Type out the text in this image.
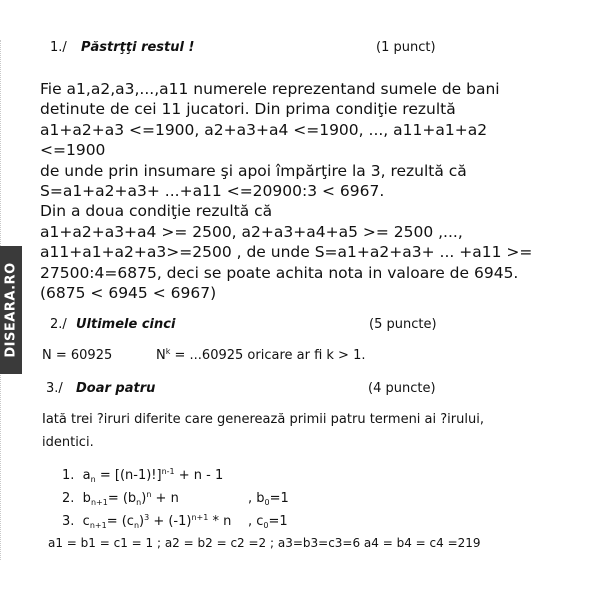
DISEARA.RO
1./ Păstrţţi restul !	(1 punct)
Fie a1,a2,a3,...,a11 numerele reprezentand sumele de bani
detinute de cei 11 jucatori. Din prima condiţie rezultă
a1+a2+a3 <=1900, a2+a3+a4 <=1900, ..., a11+a1+a2
<=1900
de unde prin insumare şi apoi împărţire la 3, rezultă că
S=a1+a2+a3+ ...+a11 <=20900:3 < 6967.
Din a doua condiţie rezultă că
a1+a2+a3+a4 >= 2500, a2+a3+a4+a5 >= 2500 ,...,
a11+a1+a2+a3>=2500 , de unde S=a1+a2+a3+ ... +a11 >=
27500:4=6875, deci se poate achita nota in valoare de 6945.
(6875 < 6945 < 6967)
2./ Ultimele cinci	(5 puncte)
N = 60925	$N^k = ...60925$ oricare ar fi k > 1.
3./ Doar patru	(4 puncte)
Iată trei ?iruri diferite care generează primii patru termeni ai ?irului,
identici.
1. $a_n = [(n-1)!]^{n-1} + n - 1$
2. $b_{n+1}= (b_n)^n + n$	, $b_0=1$
3. $c_{n+1}= (c_n)^3 + (-1)^{n+1} * n$ , $c_0=1$
a1 = b1 = c1 = 1 ; a2 = b2 = c2 =2 ; a3=b3=c3=6 a4 = b4 = c4 =219
